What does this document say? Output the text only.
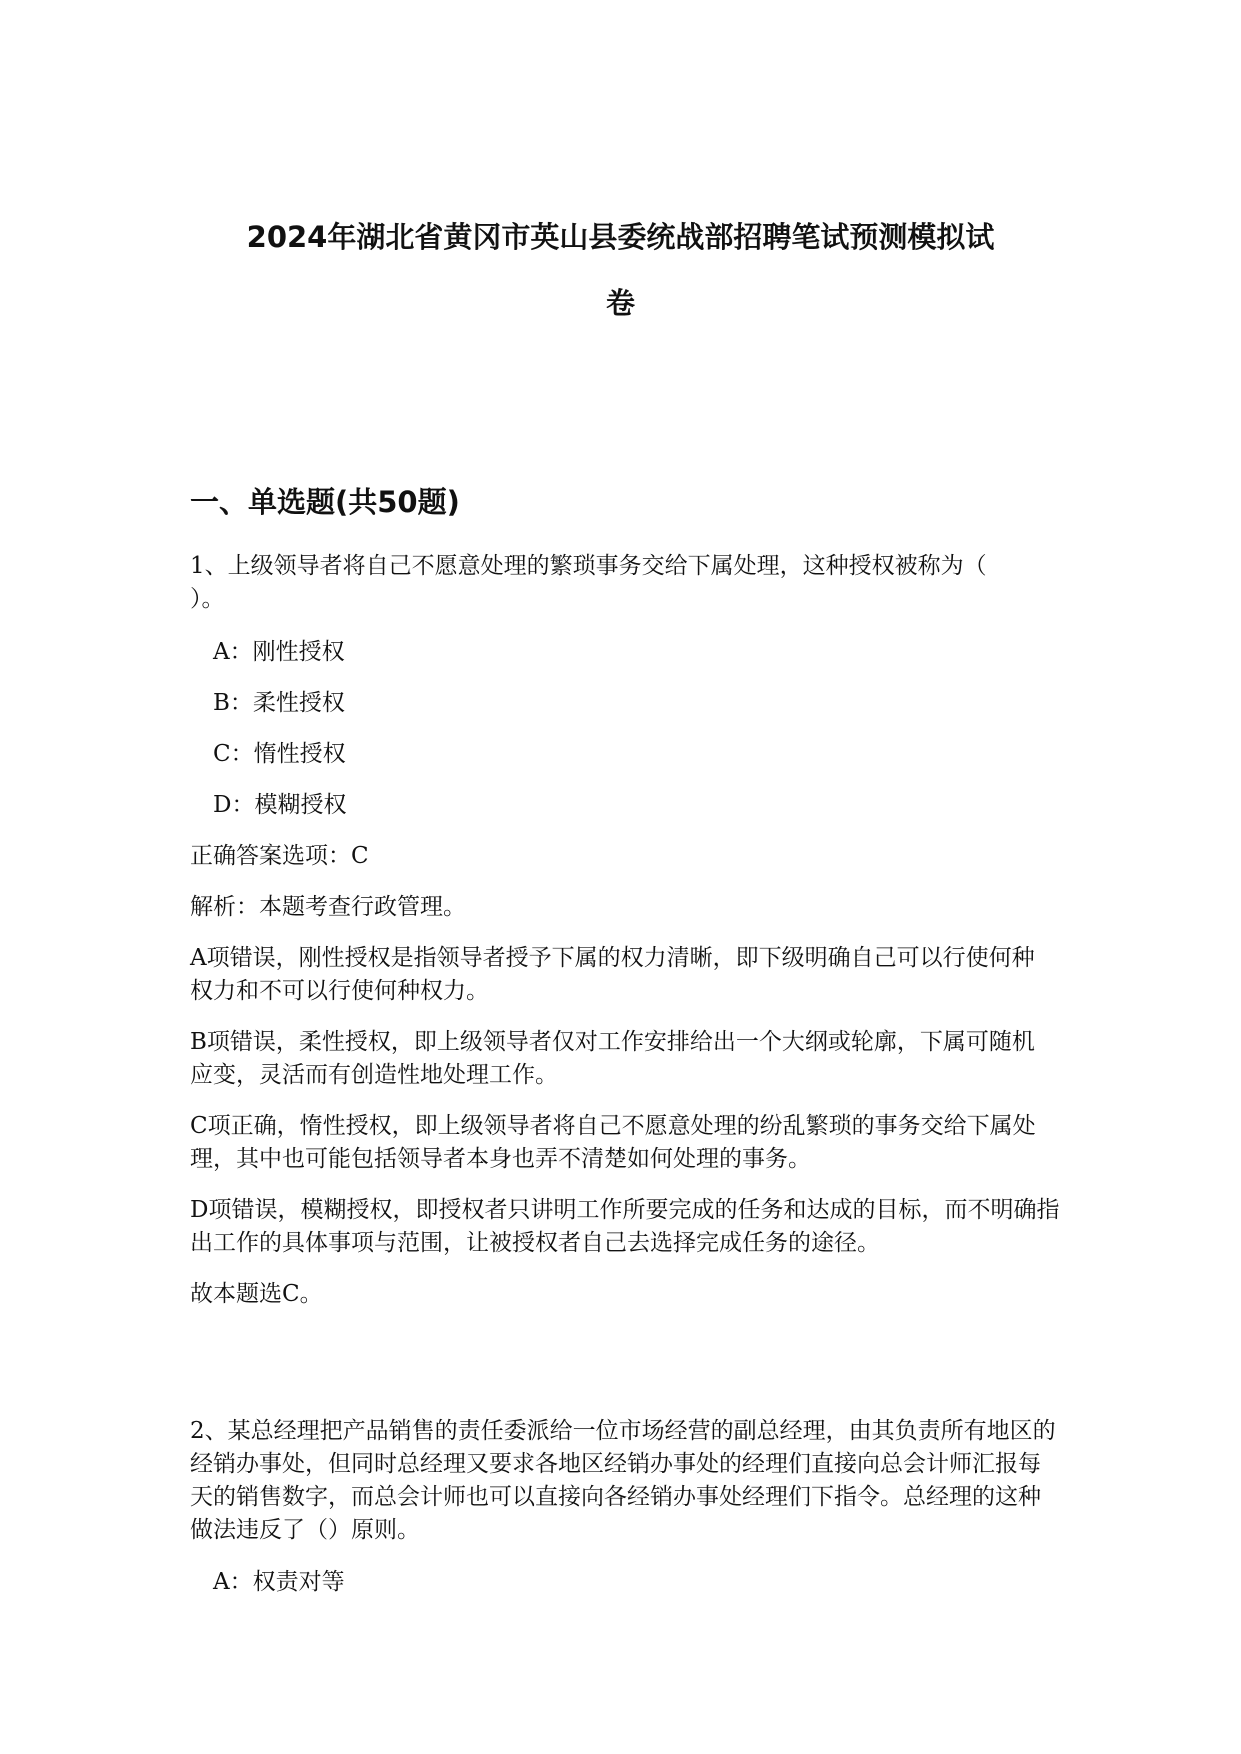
2024年湖北省黄冈市英山县委统战部招聘笔试预测模拟试
卷
一、单选题(共50题)
1、上级领导者将自己不愿意处理的繁琐事务交给下属处理，这种授权被称为（
）。
A：刚性授权
B：柔性授权
C：惰性授权
D：模糊授权
正确答案选项：C
解析：本题考查行政管理。
A项错误，刚性授权是指领导者授予下属的权力清晰，即下级明确自己可以行使何种权力和不可以行使何种权力。
B项错误，柔性授权，即上级领导者仅对工作安排给出一个大纲或轮廓，下属可随机应变，灵活而有创造性地处理工作。
C项正确，惰性授权，即上级领导者将自己不愿意处理的纷乱繁琐的事务交给下属处理，其中也可能包括领导者本身也弄不清楚如何处理的事务。
D项错误，模糊授权，即授权者只讲明工作所要完成的任务和达成的目标，而不明确指出工作的具体事项与范围，让被授权者自己去选择完成任务的途径。
故本题选C。
2、某总经理把产品销售的责任委派给一位市场经营的副总经理，由其负责所有地区的经销办事处，但同时总经理又要求各地区经销办事处的经理们直接向总会计师汇报每天的销售数字，而总会计师也可以直接向各经销办事处经理们下指令。总经理的这种做法违反了（）原则。
A：权责对等
